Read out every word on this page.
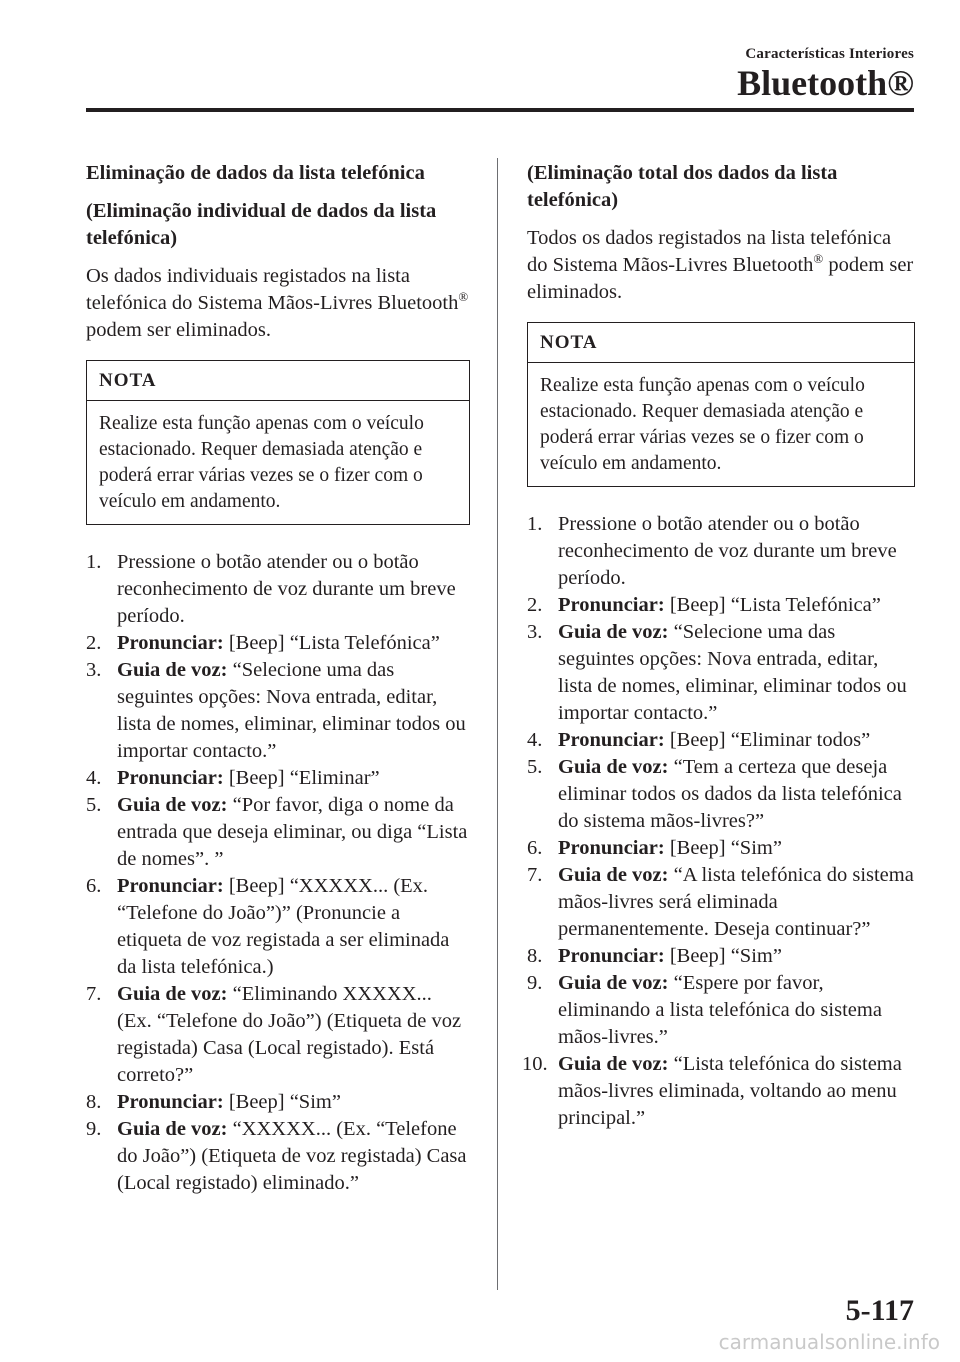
Características Interiores
Bluetooth®
Eliminação de dados da lista telefónica
(Eliminação individual de dados da lista telefónica)
Os dados individuais registados na lista telefónica do Sistema Mãos-Livres Bluetooth® podem ser eliminados.
NOTA
Realize esta função apenas com o veículo estacionado. Requer demasiada atenção e poderá errar várias vezes se o fizer com o veículo em andamento.
1. Pressione o botão atender ou o botão reconhecimento de voz durante um breve período.
2. Pronunciar: [Beep] “Lista Telefónica”
3. Guia de voz: “Selecione uma das seguintes opções: Nova entrada, editar, lista de nomes, eliminar, eliminar todos ou importar contacto.”
4. Pronunciar: [Beep] “Eliminar”
5. Guia de voz: “Por favor, diga o nome da entrada que deseja eliminar, ou diga “Lista de nomes”. ”
6. Pronunciar: [Beep] “XXXXX... (Ex. “Telefone do João”)” (Pronuncie a etiqueta de voz registada a ser eliminada da lista telefónica.)
7. Guia de voz: “Eliminando XXXXX... (Ex. “Telefone do João”) (Etiqueta de voz registada) Casa (Local registado). Está correto?”
8. Pronunciar: [Beep] “Sim”
9. Guia de voz: “XXXXX... (Ex. “Telefone do João”) (Etiqueta de voz registada) Casa (Local registado) eliminado.”
(Eliminação total dos dados da lista telefónica)
Todos os dados registados na lista telefónica do Sistema Mãos-Livres Bluetooth® podem ser eliminados.
NOTA
Realize esta função apenas com o veículo estacionado. Requer demasiada atenção e poderá errar várias vezes se o fizer com o veículo em andamento.
1. Pressione o botão atender ou o botão reconhecimento de voz durante um breve período.
2. Pronunciar: [Beep] “Lista Telefónica”
3. Guia de voz: “Selecione uma das seguintes opções: Nova entrada, editar, lista de nomes, eliminar, eliminar todos ou importar contacto.”
4. Pronunciar: [Beep] “Eliminar todos”
5. Guia de voz: “Tem a certeza que deseja eliminar todos os dados da lista telefónica do sistema mãos-livres?”
6. Pronunciar: [Beep] “Sim”
7. Guia de voz: “A lista telefónica do sistema mãos-livres será eliminada permanentemente. Deseja continuar?”
8. Pronunciar: [Beep] “Sim”
9. Guia de voz: “Espere por favor, eliminando a lista telefónica do sistema mãos-livres.”
10. Guia de voz: “Lista telefónica do sistema mãos-livres eliminada, voltando ao menu principal.”
5-117
carmanualsonline.info
